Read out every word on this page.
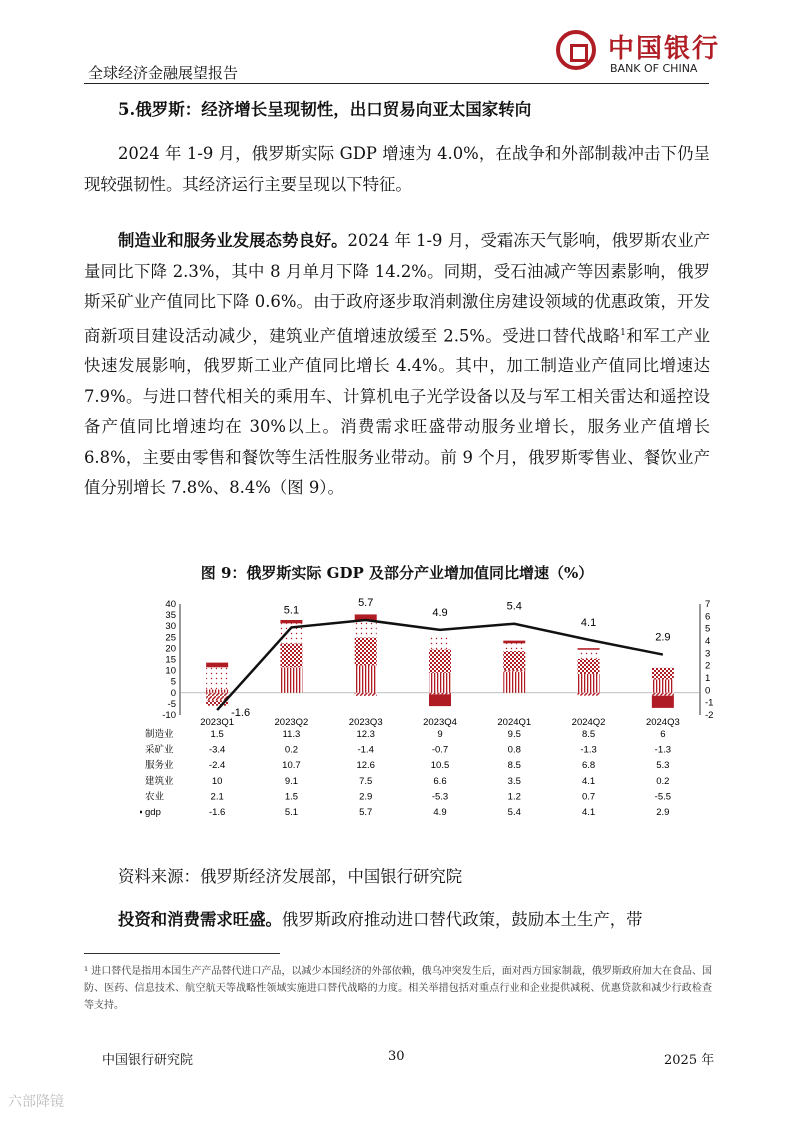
全球经济金融展望报告
中国银行
BANK OF CHINA
5.俄罗斯：经济增长呈现韧性，出口贸易向亚太国家转向
2024 年 1-9 月，俄罗斯实际 GDP 增速为 4.0%，在战争和外部制裁冲击下仍呈现较强韧性。其经济运行主要呈现以下特征。
制造业和服务业发展态势良好。2024 年 1-9 月，受霜冻天气影响，俄罗斯农业产量同比下降 2.3%，其中 8 月单月下降 14.2%。同期，受石油减产等因素影响，俄罗斯采矿业产值同比下降 0.6%。由于政府逐步取消刺激住房建设领域的优惠政策，开发商新项目建设活动减少，建筑业产值增速放缓至 2.5%。受进口替代战略$^1$和军工产业快速发展影响，俄罗斯工业产值同比增长 4.4%。其中，加工制造业产值同比增速达 7.9%。与进口替代相关的乘用车、计算机电子光学设备以及与军工相关雷达和遥控设备产值同比增速均在 30%以上。消费需求旺盛带动服务业增长，服务业产值增长 6.8%，主要由零售和餐饮等生活性服务业带动。前 9 个月，俄罗斯零售业、餐饮业产值分别增长 7.8%、8.4%（图 9）。
图 9：俄罗斯实际 GDP 及部分产业增加值同比增速（%）
-10
-5
0
5
10
15
20
25
30
35
40
-2
-1
0
1
2
3
4
5
6
7
2023Q1	2023Q2	2023Q3	2023Q4	2024Q1	2024Q2	2024Q3
-1.6
5.1
5.7
4.9
5.4
4.1
2.9
制造业	1.5	11.3	12.3	9	9.5	8.5	6
采矿业	-3.4	0.2	-1.4	-0.7	0.8	-1.3	-1.3
服务业	-2.4	10.7	12.6	10.5	8.5	6.8	5.3
建筑业	10	9.1	7.5	6.6	3.5	4.1	0.2
农业	2.1	1.5	2.9	-5.3	1.2	0.7	-5.5
gdp	-1.6	5.1	5.7	4.9	5.4	4.1	2.9
资料来源：俄罗斯经济发展部，中国银行研究院
投资和消费需求旺盛。俄罗斯政府推动进口替代政策，鼓励本土生产，带
¹ 进口替代是指用本国生产产品替代进口产品，以减少本国经济的外部依赖，俄乌冲突发生后，面对西方国家制裁，俄罗斯政府加大在食品、国防、医药、信息技术、航空航天等战略性领域实施进口替代战略的力度。相关举措包括对重点行业和企业提供减税、优惠贷款和减少行政检查等支持。
中国银行研究院	30	2025 年
六部降镜
